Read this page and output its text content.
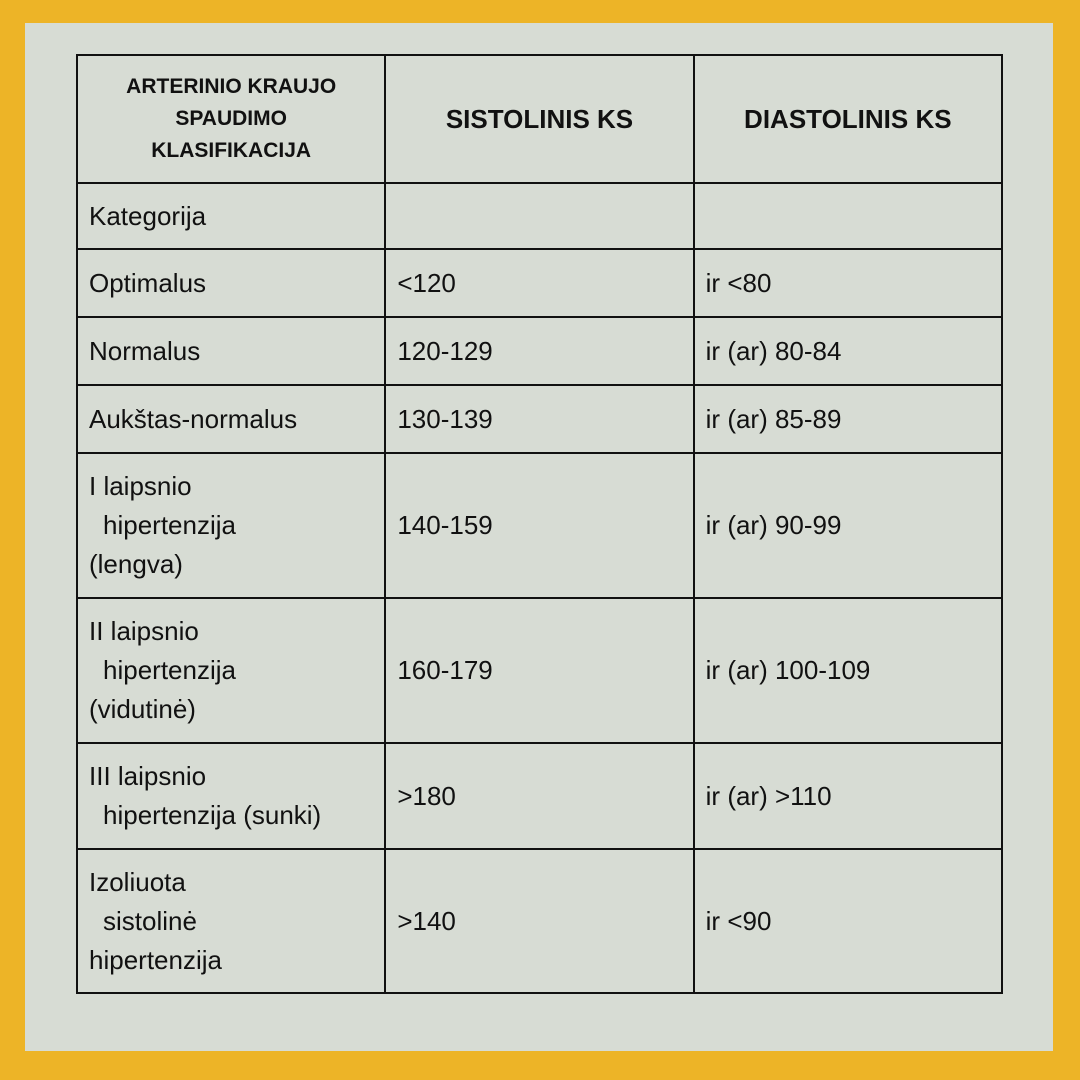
ARTERINIO KRAUJO
SPAUDIMO
KLASIFIKACIJA	SISTOLINIS KS	DIASTOLINIS KS

Kategorija		

Optimalus	<120	ir <80

Normalus	120-129	ir (ar) 80-84

Aukštas-normalus	130-139	ir (ar) 85-89

I laipsnio
hipertenzija
(lengva)	140-159	ir (ar) 90-99

II laipsnio
hipertenzija
(vidutinė)	160-179	ir (ar) 100-109

III laipsnio
hipertenzija (sunki)	>180	ir (ar) >110

Izoliuota
sistolinė
hipertenzija	>140	ir <90
